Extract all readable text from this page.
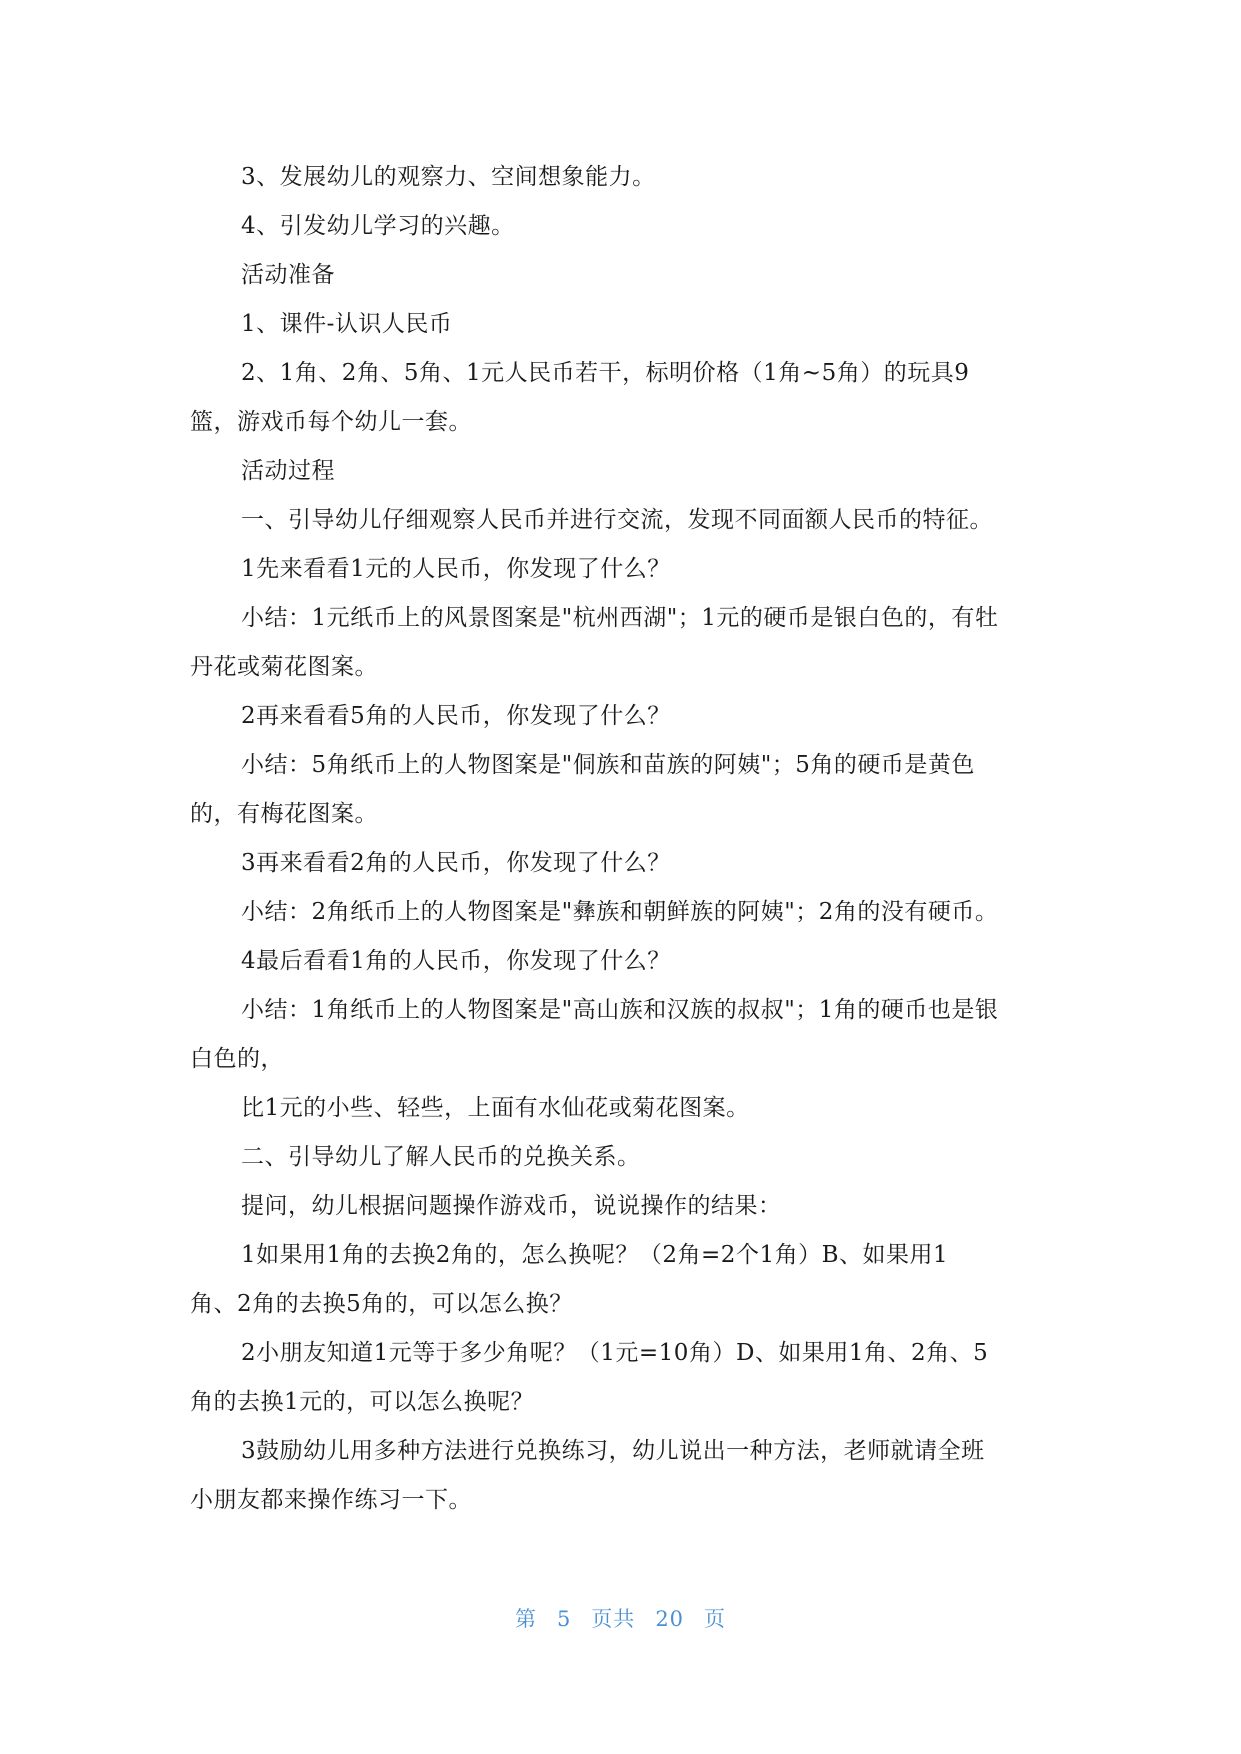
3、发展幼儿的观察力、空间想象能力。

4、引发幼儿学习的兴趣。

活动准备

1、课件-认识人民币

2、1角、2角、5角、1元人民币若干，标明价格（1角~5角）的玩具9
篮，游戏币每个幼儿一套。

活动过程

一、引导幼儿仔细观察人民币并进行交流，发现不同面额人民币的特征。

1先来看看1元的人民币，你发现了什么？

小结：1元纸币上的风景图案是"杭州西湖"；1元的硬币是银白色的，有牡
丹花或菊花图案。

2再来看看5角的人民币，你发现了什么？

小结：5角纸币上的人物图案是"侗族和苗族的阿姨"；5角的硬币是黄色
的，有梅花图案。

3再来看看2角的人民币，你发现了什么？

小结：2角纸币上的人物图案是"彝族和朝鲜族的阿姨"；2角的没有硬币。

4最后看看1角的人民币，你发现了什么？

小结：1角纸币上的人物图案是"高山族和汉族的叔叔"；1角的硬币也是银
白色的，

比1元的小些、轻些，上面有水仙花或菊花图案。

二、引导幼儿了解人民币的兑换关系。

提问，幼儿根据问题操作游戏币，说说操作的结果：

1如果用1角的去换2角的，怎么换呢？（2角=2个1角）B、如果用1
角、2角的去换5角的，可以怎么换？

2小朋友知道1元等于多少角呢？（1元=10角）D、如果用1角、2角、5
角的去换1元的，可以怎么换呢？

3鼓励幼儿用多种方法进行兑换练习，幼儿说出一种方法，老师就请全班
小朋友都来操作练习一下。

第 5 页共 20 页
